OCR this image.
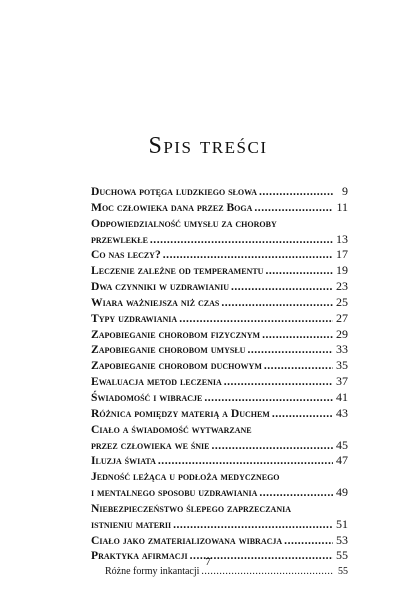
Spis treści
Duchowa potęga ludzkiego słowa .....	9
Moc człowieka dana przez Boga .....	11
Odpowiedzialność umysłu za choroby
przewlekłe .....	13
Co nas leczy? .....	17
Leczenie zależne od temperamentu .....	19
Dwa czynniki w uzdrawianiu .....	23
Wiara ważniejsza niż czas .....	25
Typy uzdrawiania .....	27
Zapobieganie chorobom fizycznym .....	29
Zapobieganie chorobom umysłu .....	33
Zapobieganie chorobom duchowym .....	35
Ewaluacja metod leczenia .....	37
Świadomość i wibracje .....	41
Różnica pomiędzy materią a Duchem .....	43
Ciało a świadomość wytwarzane
przez człowieka we śnie .....	45
Iluzja świata .....	47
Jedność leżąca u podłoża medycznego
i mentalnego sposobu uzdrawiania .....	49
Niebezpieczeństwo ślepego zaprzeczania
istnieniu materii .....	51
Ciało jako zmaterializowana wibracja .....	53
Praktyka afirmacji .....	55
Różne formy inkantacji .....	55
7
